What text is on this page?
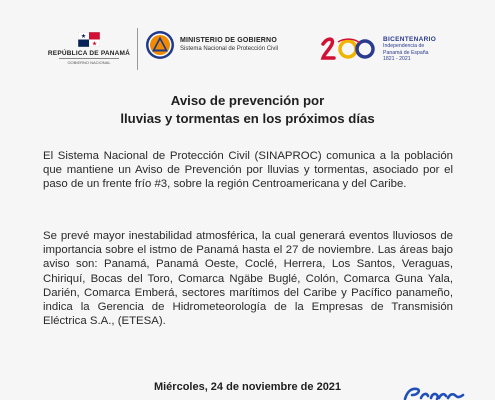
REPÚBLICA DE PANAMÁ
GOBIERNO NACIONAL
MINISTERIO DE GOBIERNO
Sistema Nacional de Protección Civil
BICENTENARIO
Independencia de
Panamá de España
1821 - 2021
Aviso de prevención por
lluvias y tormentas en los próximos días
El Sistema Nacional de Protección Civil (SINAPROC) comunica a la población que mantiene un Aviso de Prevención por lluvias y tormentas, asociado por el paso de un frente frío #3, sobre la región Centroamericana y del Caribe.
Se prevé mayor inestabilidad atmosférica, la cual generará eventos lluviosos de importancia sobre el istmo de Panamá hasta el 27 de noviembre. Las áreas bajo aviso son: Panamá, Panamá Oeste, Coclé, Herrera, Los Santos, Veraguas, Chiriquí, Bocas del Toro, Comarca Ngäbe Buglé, Colón, Comarca Guna Yala, Darién, Comarca Emberá, sectores marítimos del Caribe y Pacífico panameño, indica la Gerencia de Hidrometeorología de la Empresas de Transmisión Eléctrica S.A., (ETESA).
Miércoles, 24 de noviembre de 2021
